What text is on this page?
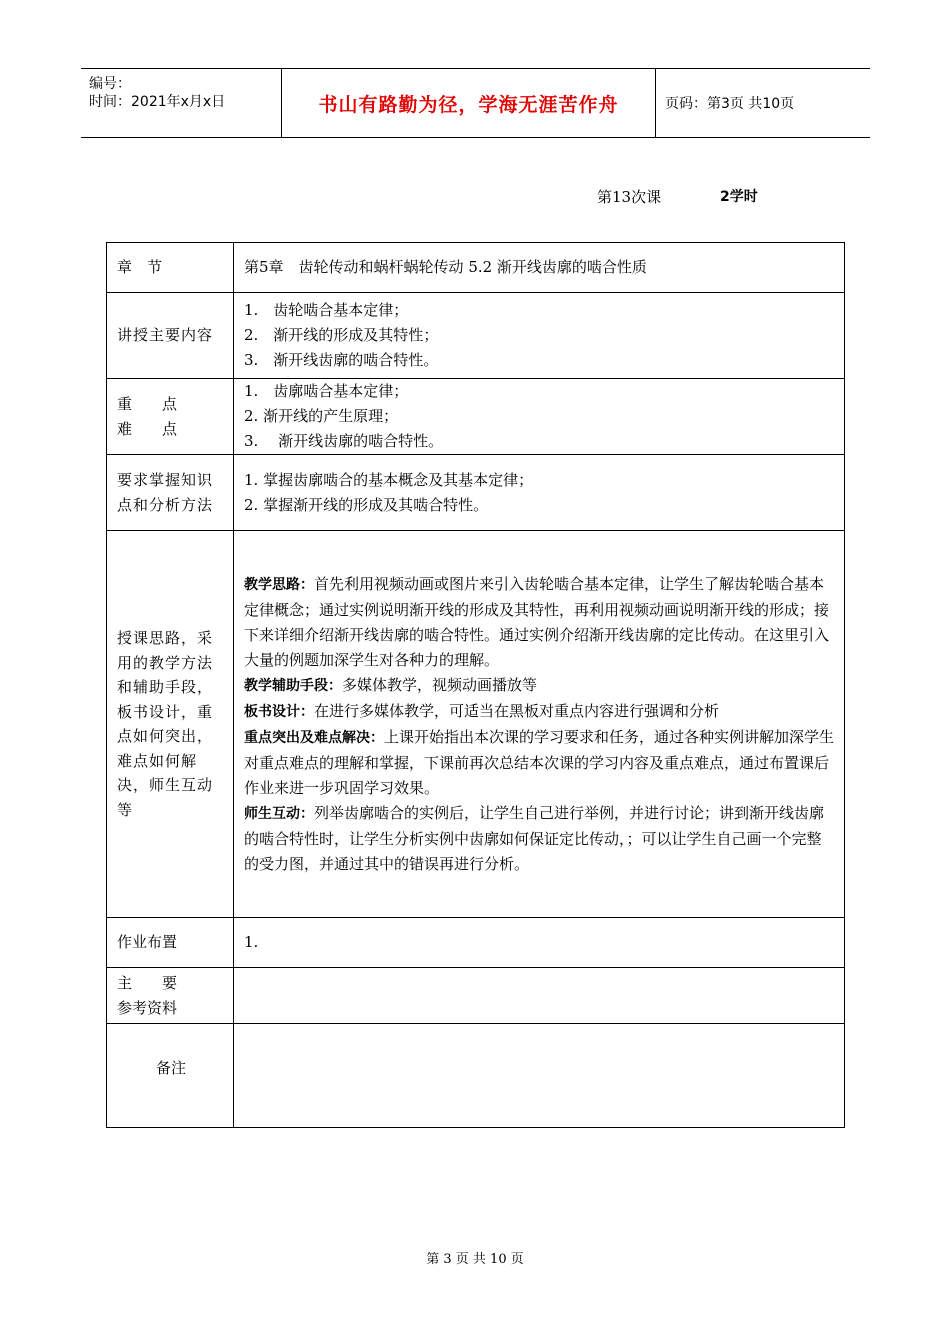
编号：
时间：2021年x月x日	书山有路勤为径，学海无涯苦作舟	页码：第3页 共10页
第13次课	2学时
章　节	第5章　齿轮传动和蜗杆蜗轮传动 5.2 渐开线齿廓的啮合性质
讲授主要内容	1.　齿轮啮合基本定律；
2.　渐开线的形成及其特性；
3.　渐开线齿廓的啮合特性。

重　　点
难　　点	1.　齿廓啮合基本定律；
2. 渐开线的产生原理；
3.　 渐开线齿廓的啮合特性。

要求掌握知识点和分析方法	1. 掌握齿廓啮合的基本概念及其基本定律；
2. 掌握渐开线的形成及其啮合特性。

授课思路，采用的教学方法和辅助手段，板书设计，重点如何突出，难点如何解决，师生互动等	教学思路：首先利用视频动画或图片来引入齿轮啮合基本定律，让学生了解齿轮啮合基本定律概念；通过实例说明渐开线的形成及其特性，再利用视频动画说明渐开线的形成；接下来详细介绍渐开线齿廓的啮合特性。通过实例介绍渐开线齿廓的定比传动。在这里引入大量的例题加深学生对各种力的理解。
教学辅助手段：多媒体教学，视频动画播放等
板书设计：在进行多媒体教学，可适当在黑板对重点内容进行强调和分析
重点突出及难点解决：上课开始指出本次课的学习要求和任务，通过各种实例讲解加深学生对重点难点的理解和掌握，下课前再次总结本次课的学习内容及重点难点，通过布置课后作业来进一步巩固学习效果。
师生互动：列举齿廓啮合的实例后，让学生自己进行举例，并进行讨论；讲到渐开线齿廓的啮合特性时，让学生分析实例中齿廓如何保证定比传动，；可以让学生自己画一个完整的受力图，并通过其中的错误再进行分析。

作业布置	1.

主　　要
参考资料	

备注	
第 3 页 共 10 页
